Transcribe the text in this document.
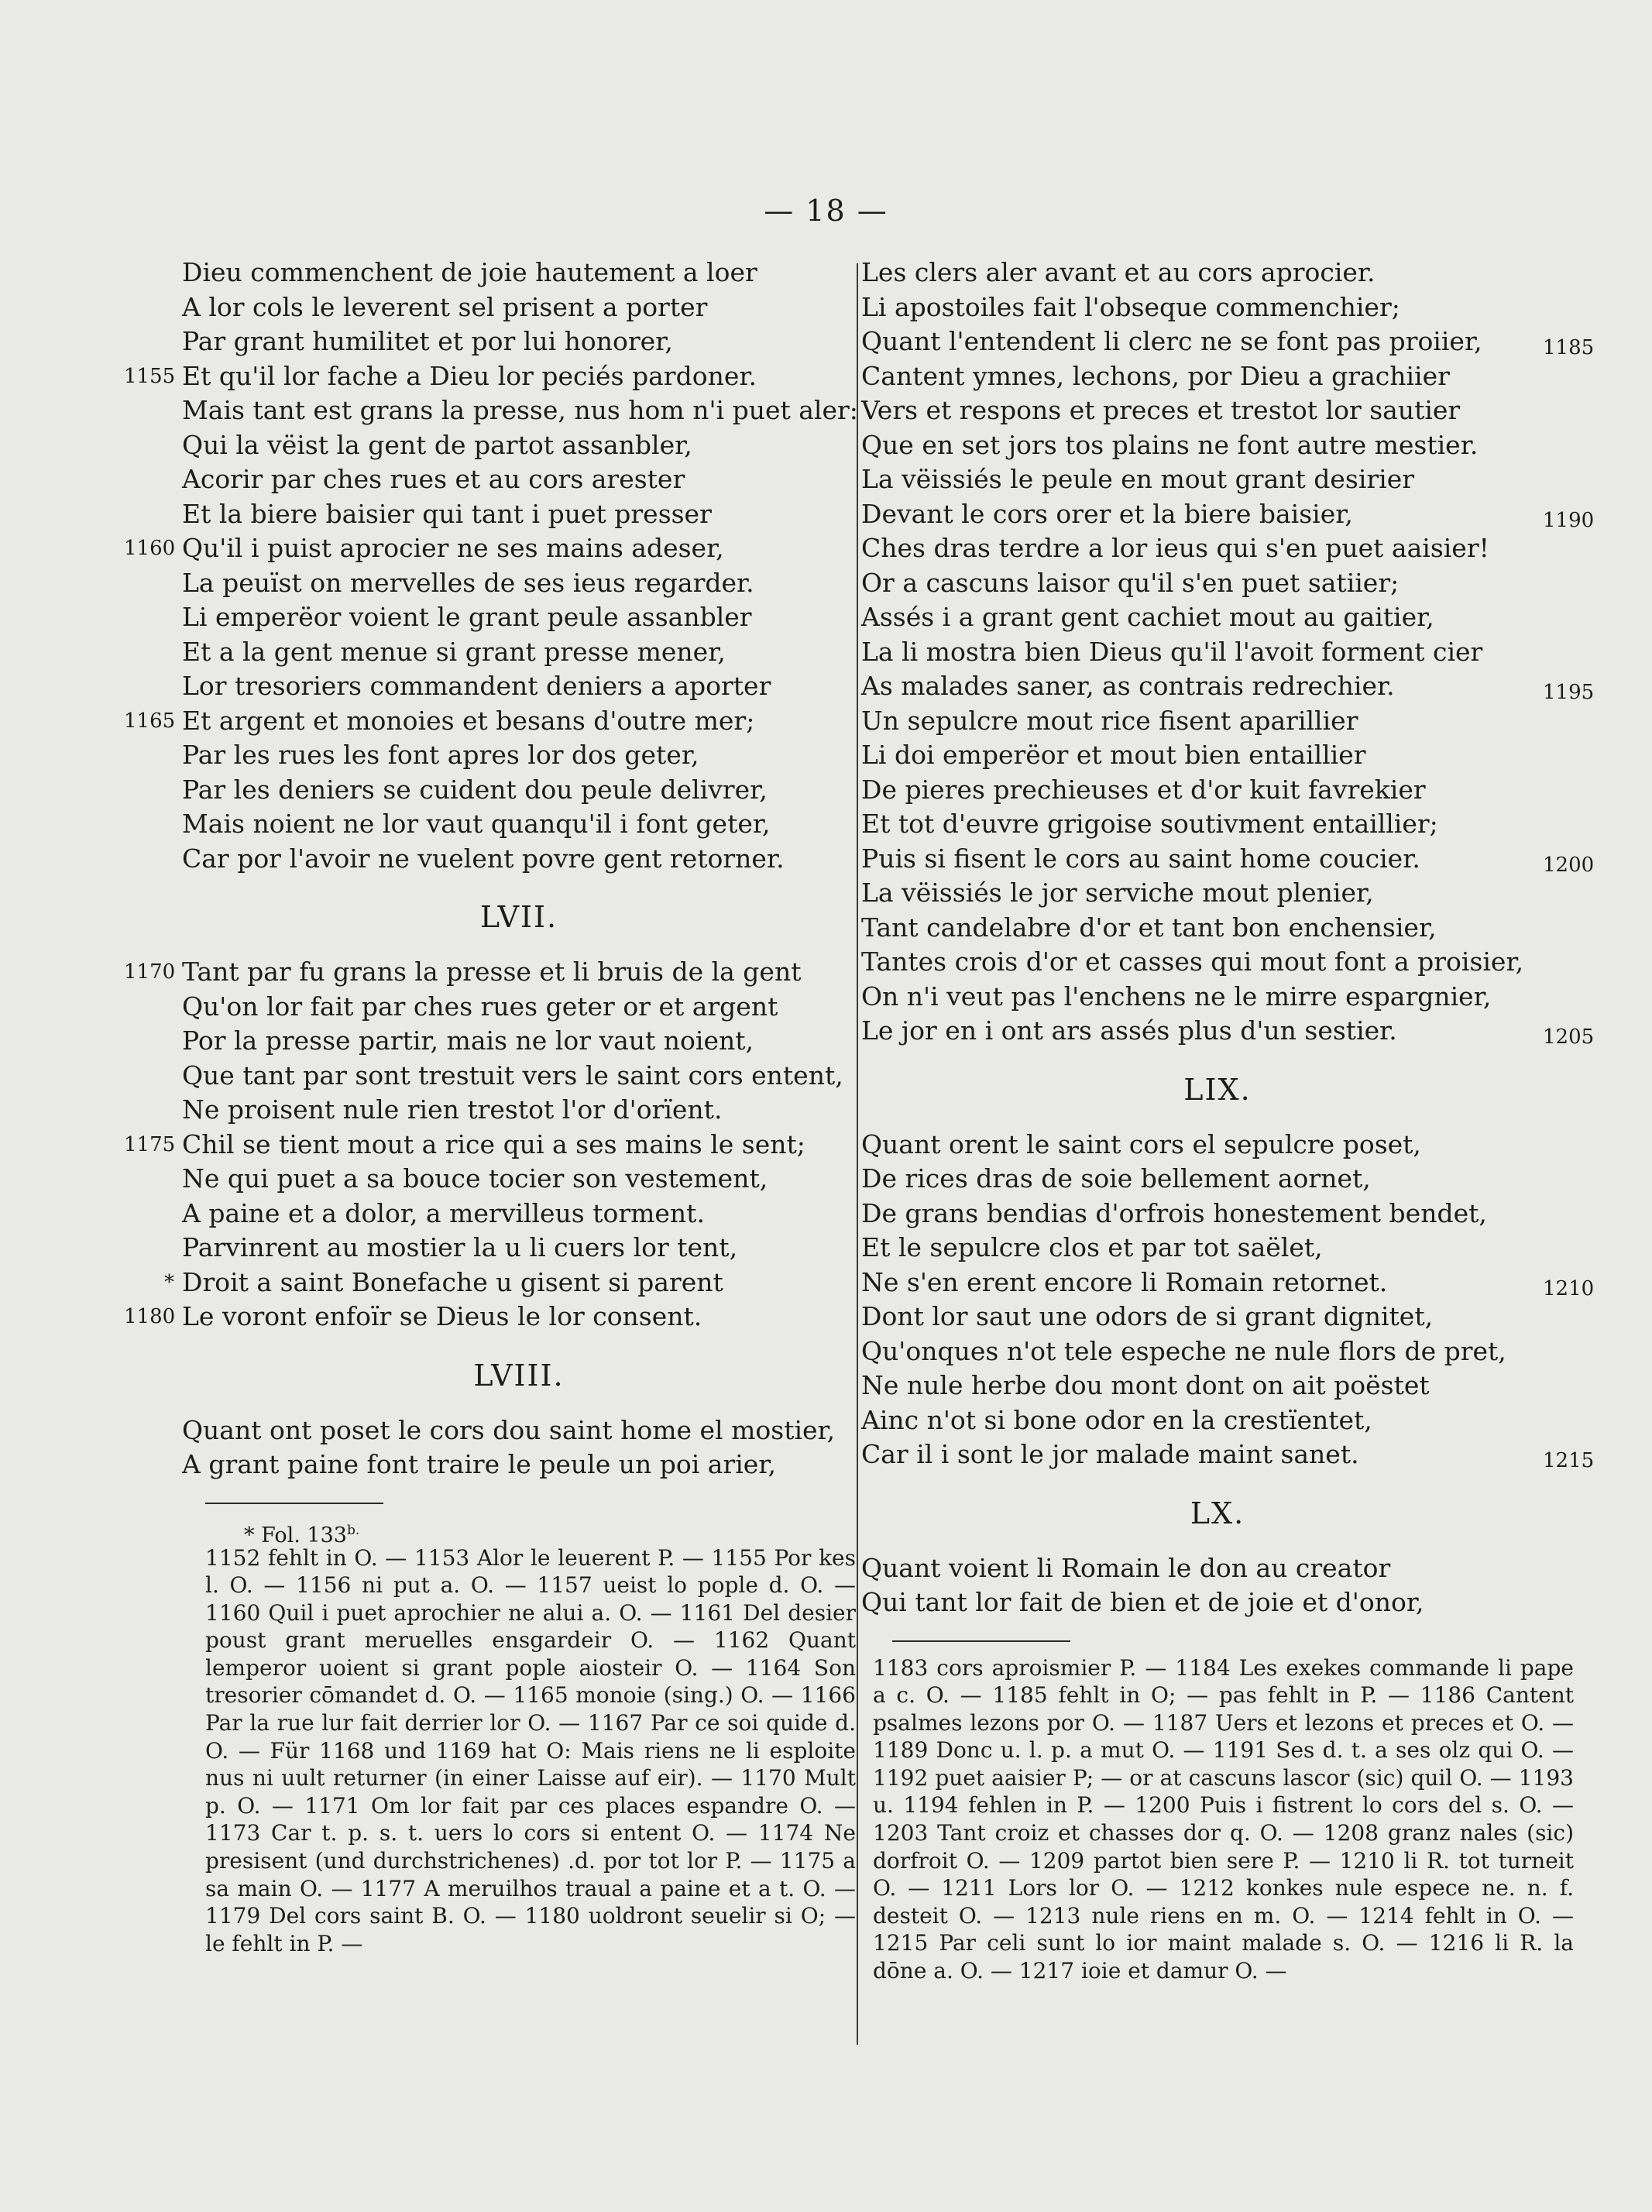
— 18 —
Dieu commenchent de joie hautement a loer
A lor cols le leverent sel prisent a porter
Par grant humilitet et por lui honorer,
1155 Et qu'il lor fache a Dieu lor peciés pardoner.
Mais tant est grans la presse, nus hom n'i puet aler:
Qui la vëist la gent de partot assanbler,
Acorir par ches rues et au cors arester
Et la biere baisier qui tant i puet presser
1160 Qu'il i puist aprocier ne ses mains adeser,
La peuïst on mervelles de ses ieus regarder.
Li emperëor voient le grant peule assanbler
Et a la gent menue si grant presse mener,
Lor tresoriers commandent deniers a aporter
1165 Et argent et monoies et besans d'outre mer;
Par les rues les font apres lor dos geter,
Par les deniers se cuident dou peule delivrer,
Mais noient ne lor vaut quanqu'il i font geter,
Car por l'avoir ne vuelent povre gent retorner.
LVII.
1170 Tant par fu grans la presse et li bruis de la gent
Qu'on lor fait par ches rues geter or et argent
Por la presse partir, mais ne lor vaut noient,
Que tant par sont trestuit vers le saint cors entent,
Ne proisent nule rien trestot l'or d'orïent.
1175 Chil se tient mout a rice qui a ses mains le sent;
Ne qui puet a sa bouce tocier son vestement,
A paine et a dolor, a mervilleus torment.
Parvinrent au mostier la u li cuers lor tent,
* Droit a saint Bonefache u gisent si parent
1180 Le voront enfoïr se Dieus le lor consent.
LVIII.
Quant ont poset le cors dou saint home el mostier,
A grant paine font traire le peule un poi arier,
* Fol. $133^{b.}$
1152 fehlt in O. — 1153 Alor le leuerent P. — 1155 Por kes l. O. — 1156 ni put a. O. — 1157 ueist lo pople d. O. — 1160 Quil i puet aprochier ne alui a. O. — 1161 Del desier poust grant meruelles ensgardeir O. — 1162 Quant lemperor uoient si grant pople aiosteir O. — 1164 Son tresorier cōmandet d. O. — 1165 monoie (sing.) O. — 1166 Par la rue lur fait derrier lor O. — 1167 Par ce soi quide d. O. — Für 1168 und 1169 hat O: Mais riens ne li esploite nus ni uult returner (in einer Laisse auf eir). — 1170 Mult p. O. — 1171 Om lor fait par ces places espandre O. — 1173 Car t. p. s. t. uers lo cors si entent O. — 1174 Ne presisent (und durchstrichenes) .d. por tot lor P. — 1175 a sa main O. — 1177 A meruilhos traual a paine et a t. O. — 1179 Del cors saint B. O. — 1180 uoldront seuelir si O; — le fehlt in P. —
Les clers aler avant et au cors aprocier.
Li apostoiles fait l'obseque commenchier;
1185
Quant l'entendent li clerc ne se font pas proiier,
Cantent ymnes, lechons, por Dieu a grachiier
Vers et respons et preces et trestot lor sautier
Que en set jors tos plains ne font autre mestier.
La vëissiés le peule en mout grant desirier
1190
Devant le cors orer et la biere baisier,
Ches dras terdre a lor ieus qui s'en puet aaisier!
Or a cascuns laisor qu'il s'en puet satiier;
Assés i a grant gent cachiet mout au gaitier,
La li mostra bien Dieus qu'il l'avoit forment cier
1195
As malades saner, as contrais redrechier.
Un sepulcre mout rice fisent aparillier
Li doi emperëor et mout bien entaillier
De pieres prechieuses et d'or kuit favrekier
Et tot d'euvre grigoise soutivment entaillier;
1200
Puis si fisent le cors au saint home coucier.
La vëissiés le jor serviche mout plenier,
Tant candelabre d'or et tant bon enchensier,
Tantes crois d'or et casses qui mout font a proisier,
On n'i veut pas l'enchens ne le mirre espargnier,
1205
Le jor en i ont ars assés plus d'un sestier.
LIX.
Quant orent le saint cors el sepulcre poset,
De rices dras de soie bellement aornet,
De grans bendias d'orfrois honestement bendet,
Et le sepulcre clos et par tot saëlet,
1210
Ne s'en erent encore li Romain retornet.
Dont lor saut une odors de si grant dignitet,
Qu'onques n'ot tele espeche ne nule flors de pret,
Ne nule herbe dou mont dont on ait poëstet
Ainc n'ot si bone odor en la crestïentet,
1215
Car il i sont le jor malade maint sanet.
LX.
Quant voient li Romain le don au creator
Qui tant lor fait de bien et de joie et d'onor,
1183 cors aproismier P. — 1184 Les exekes commande li pape a c. O. — 1185 fehlt in O; — pas fehlt in P. — 1186 Cantent psalmes lezons por O. — 1187 Uers et lezons et preces et O. — 1189 Donc u. l. p. a mut O. — 1191 Ses d. t. a ses olz qui O. — 1192 puet aaisier P; — or at cascuns lascor (sic) quil O. — 1193 u. 1194 fehlen in P. — 1200 Puis i fistrent lo cors del s. O. — 1203 Tant croiz et chasses dor q. O. — 1208 granz nales (sic) dorfroit O. — 1209 partot bien sere P. — 1210 li R. tot turneit O. — 1211 Lors lor O. — 1212 konkes nule especе ne. n. f. desteit O. — 1213 nule riens en m. O. — 1214 fehlt in O. — 1215 Par celi sunt lo ior maint malade s. O. — 1216 li R. la dōne a. O. — 1217 ioie et damur O. —
